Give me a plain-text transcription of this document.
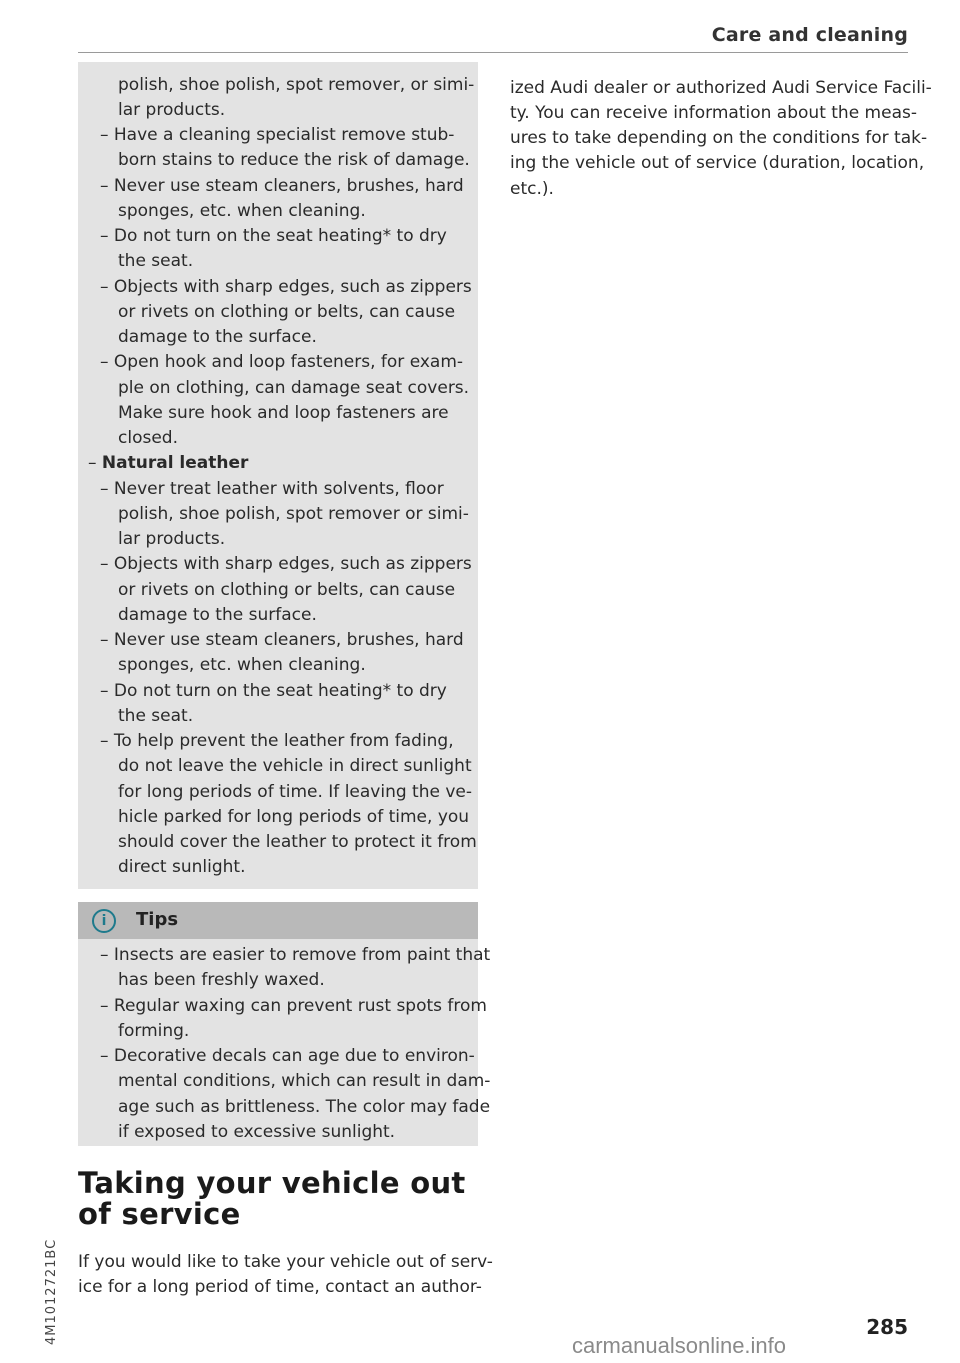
Care and cleaning
polish, shoe polish, spot remover, or simi-
lar products.
– Have a cleaning specialist remove stub-
born stains to reduce the risk of damage.
– Never use steam cleaners, brushes, hard
sponges, etc. when cleaning.
– Do not turn on the seat heating* to dry
the seat.
– Objects with sharp edges, such as zippers
or rivets on clothing or belts, can cause
damage to the surface.
– Open hook and loop fasteners, for exam-
ple on clothing, can damage seat covers.
Make sure hook and loop fasteners are
closed.
– Natural leather
– Never treat leather with solvents, floor
polish, shoe polish, spot remover or simi-
lar products.
– Objects with sharp edges, such as zippers
or rivets on clothing or belts, can cause
damage to the surface.
– Never use steam cleaners, brushes, hard
sponges, etc. when cleaning.
– Do not turn on the seat heating* to dry
the seat.
– To help prevent the leather from fading,
do not leave the vehicle in direct sunlight
for long periods of time. If leaving the ve-
hicle parked for long periods of time, you
should cover the leather to protect it from
direct sunlight.
i	Tips
– Insects are easier to remove from paint that
has been freshly waxed.
– Regular waxing can prevent rust spots from
forming.
– Decorative decals can age due to environ-
mental conditions, which can result in dam-
age such as brittleness. The color may fade
if exposed to excessive sunlight.
Taking your vehicle out
of service
If you would like to take your vehicle out of serv-
ice for a long period of time, contact an author-
ized Audi dealer or authorized Audi Service Facili-
ty. You can receive information about the meas-
ures to take depending on the conditions for tak-
ing the vehicle out of service (duration, location,
etc.).
285
4M1012721BC
carmanualsonline.info
